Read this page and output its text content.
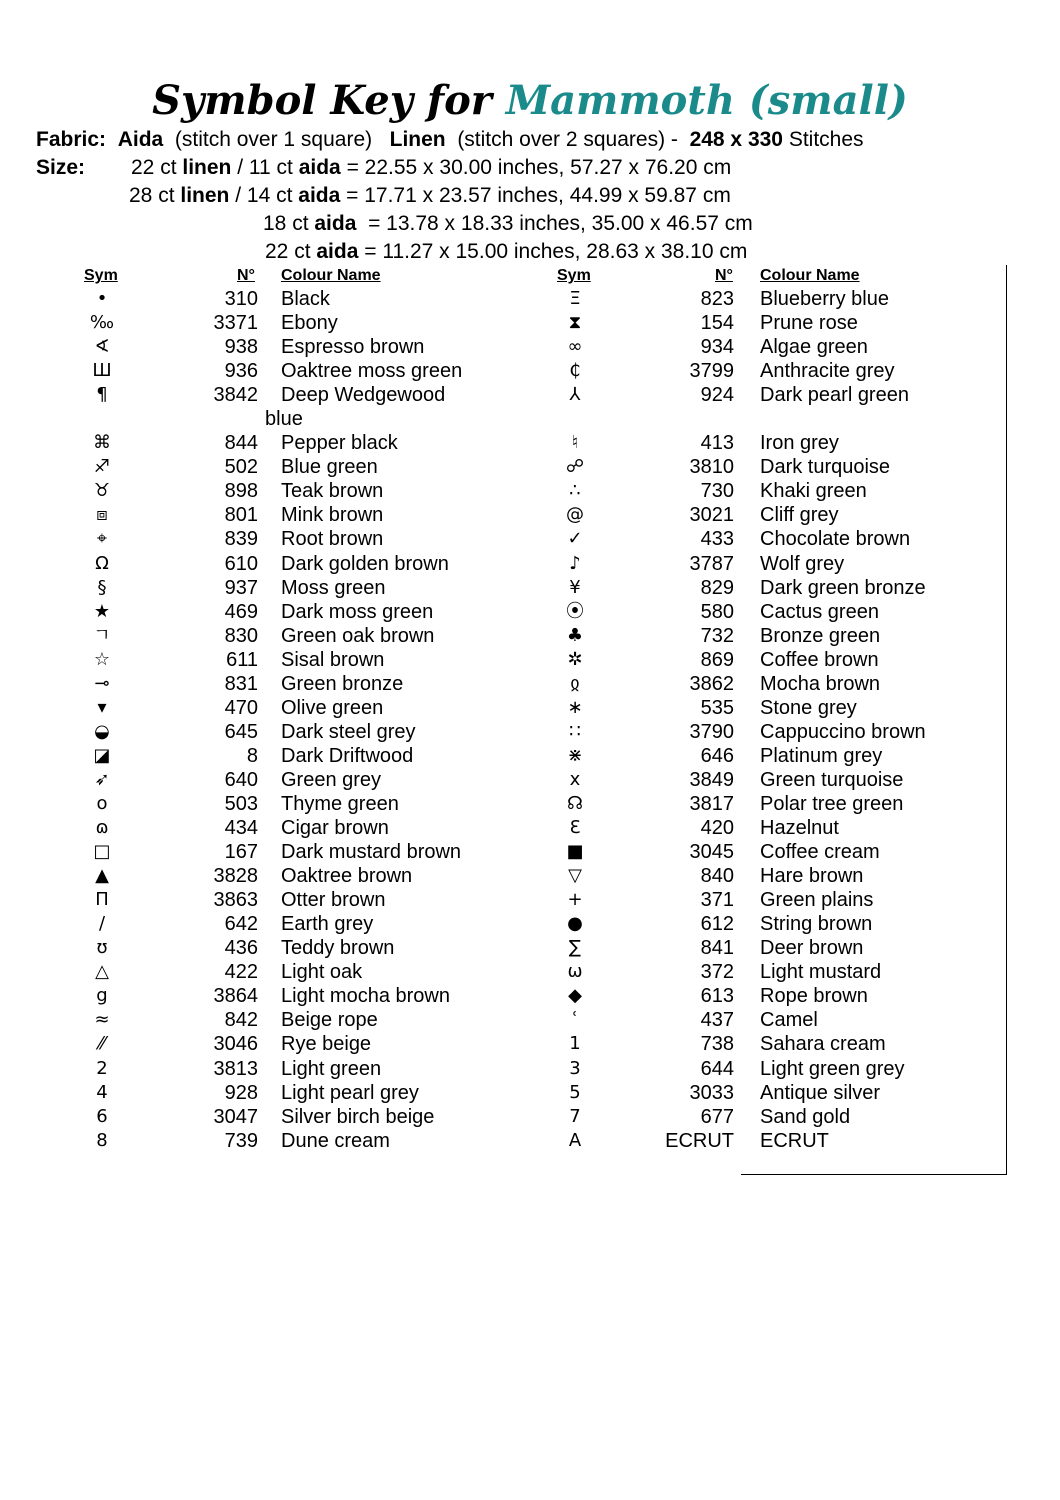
Symbol Key for Mammoth (small)
Fabric: Aida (stitch over 1 square) Linen (stitch over 2 squares) - 248 x 330 Stitches
Size: 22 ct linen / 11 ct aida = 22.55 x 30.00 inches, 57.27 x 76.20 cm
28 ct linen / 14 ct aida = 17.71 x 23.57 inches, 44.99 x 59.87 cm
18 ct aida  = 13.78 x 18.33 inches, 35.00 x 46.57 cm
22 ct aida = 11.27 x 15.00 inches, 28.63 x 38.10 cm
Sym	N° Colour Name	Sym	N° Colour Name
•	310 Black
‰	3371 Ebony
∢	938 Espresso brown
Ш	936 Oaktree moss green
¶	3842 Deep Wedgewood
blue
⌘	844 Pepper black
♐	502 Blue green
♉	898 Teak brown
⧈	801 Mink brown
⌖	839 Root brown
Ω	610 Dark golden brown
§	937 Moss green
★	469 Dark moss green
ㄱ	830 Green oak brown
☆	611 Sisal brown
⊸	831 Green bronze
▾	470 Olive green
◒	645 Dark steel grey
◪	8 Dark Driftwood
➶	640 Green grey
o	503 Thyme green
ɷ	434 Cigar brown
□	167 Dark mustard brown
▲	3828 Oaktree brown
Π	3863 Otter brown
/	642 Earth grey
ʊ	436 Teddy brown
△	422 Light oak
g	3864 Light mocha brown
≈	842 Beige rope
⁄⁄	3046 Rye beige
2	3813 Light green
4	928 Light pearl grey
6	3047 Silver birch beige
8	739 Dune cream
Ξ	823 Blueberry blue
⧗	154 Prune rose
∞	934 Algae green
₵	3799 Anthracite grey
⅄	924 Dark pearl green
♮	413 Iron grey
☍	3810 Dark turquoise
∴	730 Khaki green
@	3021 Cliff grey
✓	433 Chocolate brown
♪	3787 Wolf grey
¥	829 Dark green bronze
⦿	580 Cactus green
♣	732 Bronze green
✲	869 Coffee brown
ჲ	3862 Mocha brown
∗	535 Stone grey
∷	3790 Cappuccino brown
⋇	646 Platinum grey
x	3849 Green turquoise
☊	3817 Polar tree green
Ɛ	420 Hazelnut
■	3045 Coffee cream
▽	840 Hare brown
+	371 Green plains
●	612 String brown
∑	841 Deer brown
ω	372 Light mustard
◆	613 Rope brown
ʿ	437 Camel
1	738 Sahara cream
3	644 Light green grey
5	3033 Antique silver
7	677 Sand gold
A	ECRUT ECRUT
